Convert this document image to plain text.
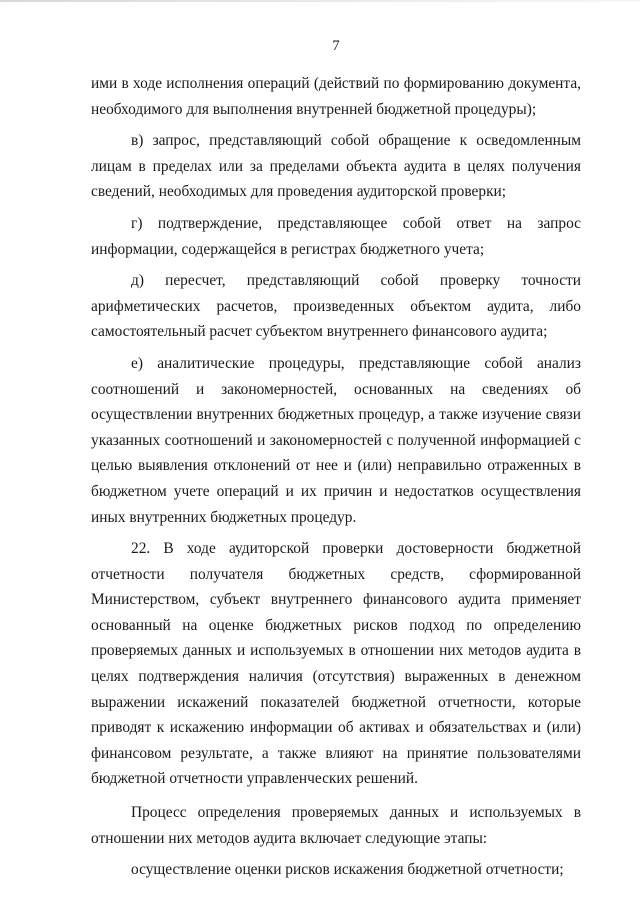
7

ими в ходе исполнения операций (действий по формированию документа, необходимого для выполнения внутренней бюджетной процедуры);

в) запрос, представляющий собой обращение к осведомленным лицам в пределах или за пределами объекта аудита в целях получения сведений, необходимых для проведения аудиторской проверки;

г) подтверждение, представляющее собой ответ на запрос информации, содержащейся в регистрах бюджетного учета;

д) пересчет, представляющий собой проверку точности арифметических расчетов, произведенных объектом аудита, либо самостоятельный расчет субъектом внутреннего финансового аудита;

е) аналитические процедуры, представляющие собой анализ соотношений и закономерностей, основанных на сведениях об осуществлении внутренних бюджетных процедур, а также изучение связи указанных соотношений и закономерностей с полученной информацией с целью выявления отклонений от нее и (или) неправильно отраженных в бюджетном учете операций и их причин и недостатков осуществления иных внутренних бюджетных процедур.

22. В ходе аудиторской проверки достоверности бюджетной отчетности получателя бюджетных средств, сформированной Министерством, субъект внутреннего финансового аудита применяет основанный на оценке бюджетных рисков подход по определению проверяемых данных и используемых в отношении них методов аудита в целях подтверждения наличия (отсутствия) выраженных в денежном выражении искажений показателей бюджетной отчетности, которые приводят к искажению информации об активах и обязательствах и (или) финансовом результате, а также влияют на принятие пользователями бюджетной отчетности управленческих решений.

Процесс определения проверяемых данных и используемых в отношении них методов аудита включает следующие этапы:

осуществление оценки рисков искажения бюджетной отчетности;
